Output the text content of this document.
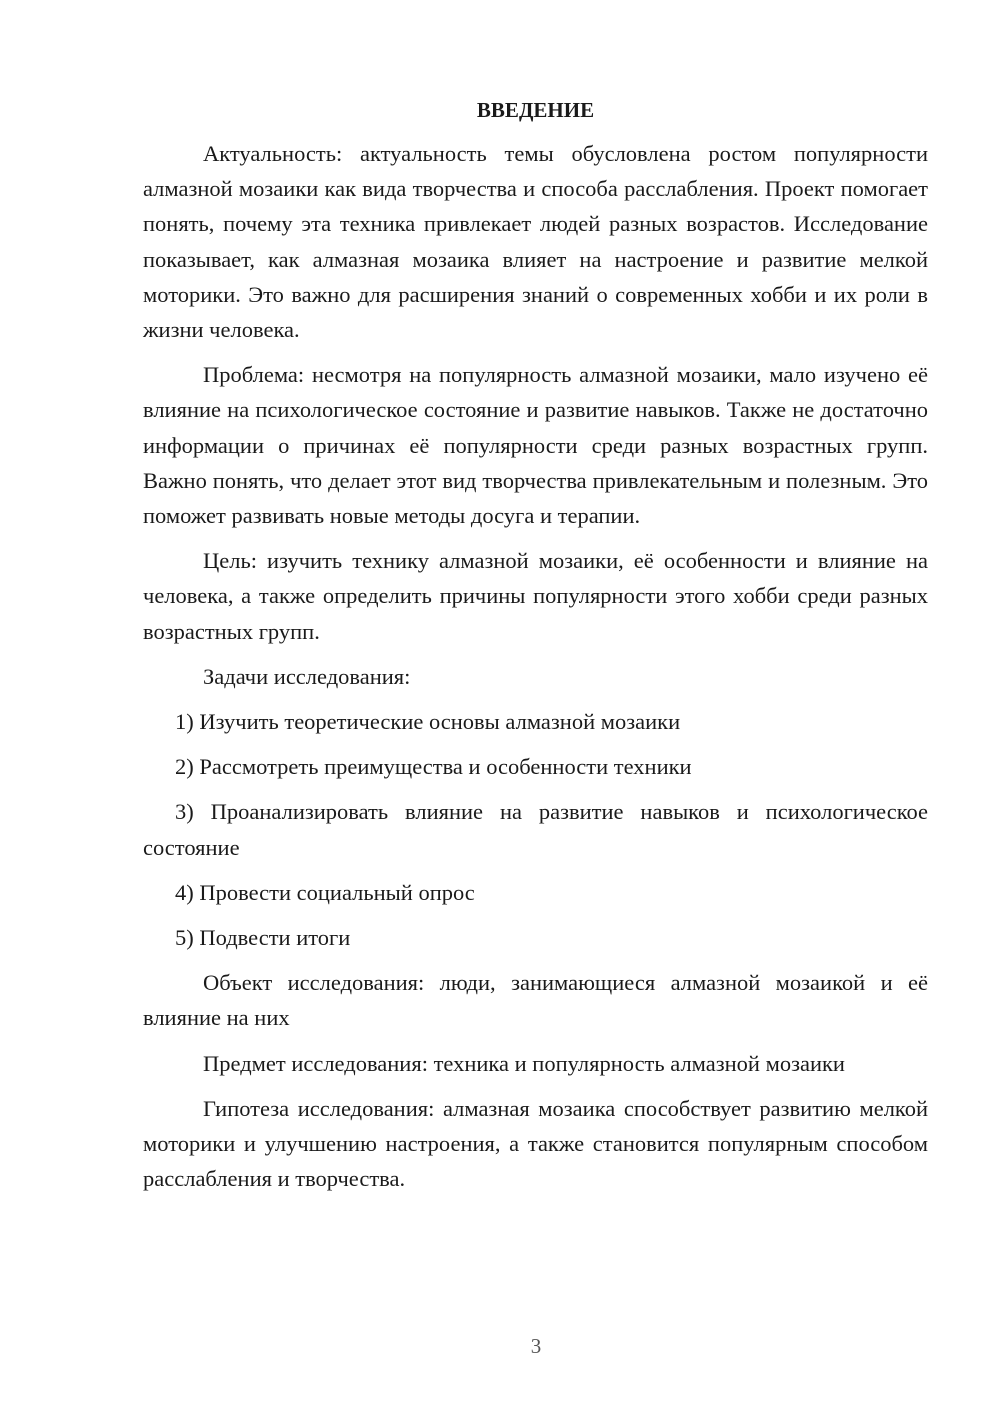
ВВЕДЕНИЕ

Актуальность: актуальность темы обусловлена ростом популярности алмазной мозаики как вида творчества и способа расслабления. Проект помогает понять, почему эта техника привлекает людей разных возрастов. Исследование показывает, как алмазная мозаика влияет на настроение и развитие мелкой моторики. Это важно для расширения знаний о современных хобби и их роли в жизни человека.

Проблема: несмотря на популярность алмазной мозаики, мало изучено её влияние на психологическое состояние и развитие навыков. Также не достаточно информации о причинах её популярности среди разных возрастных групп. Важно понять, что делает этот вид творчества привлекательным и полезным. Это поможет развивать новые методы досуга и терапии.

Цель: изучить технику алмазной мозаики, её особенности и влияние на человека, а также определить причины популярности этого хобби среди разных возрастных групп.

Задачи исследования:

1) Изучить теоретические основы алмазной мозаики

2) Рассмотреть преимущества и особенности техники

3) Проанализировать влияние на развитие навыков и психологическое состояние

4) Провести социальный опрос

5) Подвести итоги

Объект исследования: люди, занимающиеся алмазной мозаикой и её влияние на них

Предмет исследования: техника и популярность алмазной мозаики

Гипотеза исследования: алмазная мозаика способствует развитию мелкой моторики и улучшению настроения, а также становится популярным способом расслабления и творчества.

3
